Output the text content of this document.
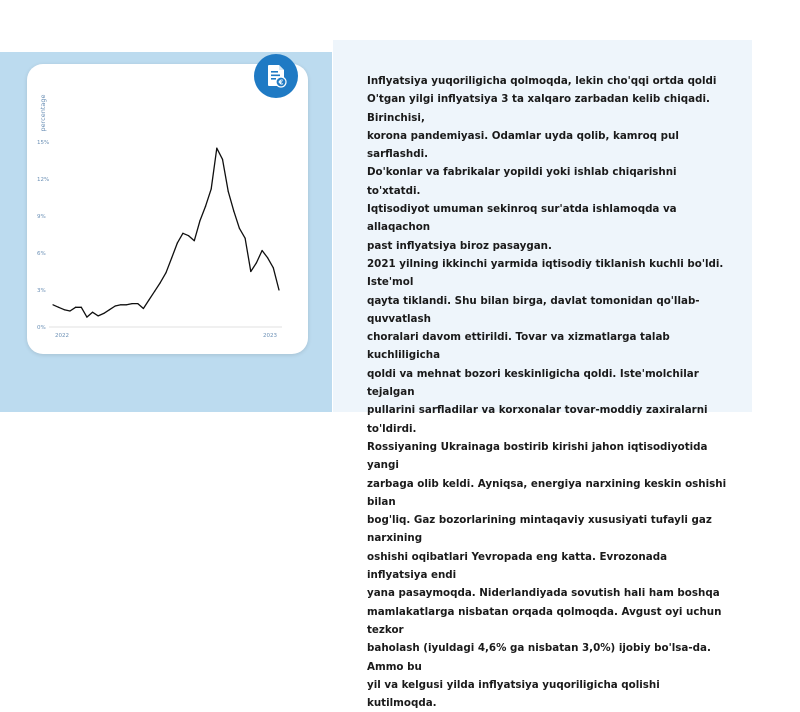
percentage
0%
3%
6%
9%
12%
15%
2022	2023
€	Inflyatsiya yuqoriligicha qolmoqda, lekin cho'qqi ortda qoldi

O'tgan yilgi inflyatsiya 3 ta xalqaro zarbadan kelib chiqadi. Birinchisi,

korona pandemiyasi. Odamlar uyda qolib, kamroq pul sarflashdi.

Do'konlar va fabrikalar yopildi yoki ishlab chiqarishni to'xtatdi.

Iqtisodiyot umuman sekinroq sur'atda ishlamoqda va allaqachon

past inflyatsiya biroz pasaygan.

2021 yilning ikkinchi yarmida iqtisodiy tiklanish kuchli bo'ldi. Iste'mol

qayta tiklandi. Shu bilan birga, davlat tomonidan qo'llab-quvvatlash

choralari davom ettirildi. Tovar va xizmatlarga talab kuchliligicha

qoldi va mehnat bozori keskinligicha qoldi. Iste'molchilar tejalgan

pullarini sarfladilar va korxonalar tovar-moddiy zaxiralarni to'ldirdi.

Rossiyaning Ukrainaga bostirib kirishi jahon iqtisodiyotida yangi

zarbaga olib keldi. Ayniqsa, energiya narxining keskin oshishi bilan

bog'liq. Gaz bozorlarining mintaqaviy xususiyati tufayli gaz narxining

oshishi oqibatlari Yevropada eng katta. Evrozonada inflyatsiya endi

yana pasaymoqda. Niderlandiyada sovutish hali ham boshqa

mamlakatlarga nisbatan orqada qolmoqda. Avgust oyi uchun tezkor

baholash (iyuldagi 4,6% ga nisbatan 3,0%) ijobiy bo'lsa-da. Ammo bu

yil va kelgusi yilda inflyatsiya yuqoriligicha qolishi kutilmoqda.
